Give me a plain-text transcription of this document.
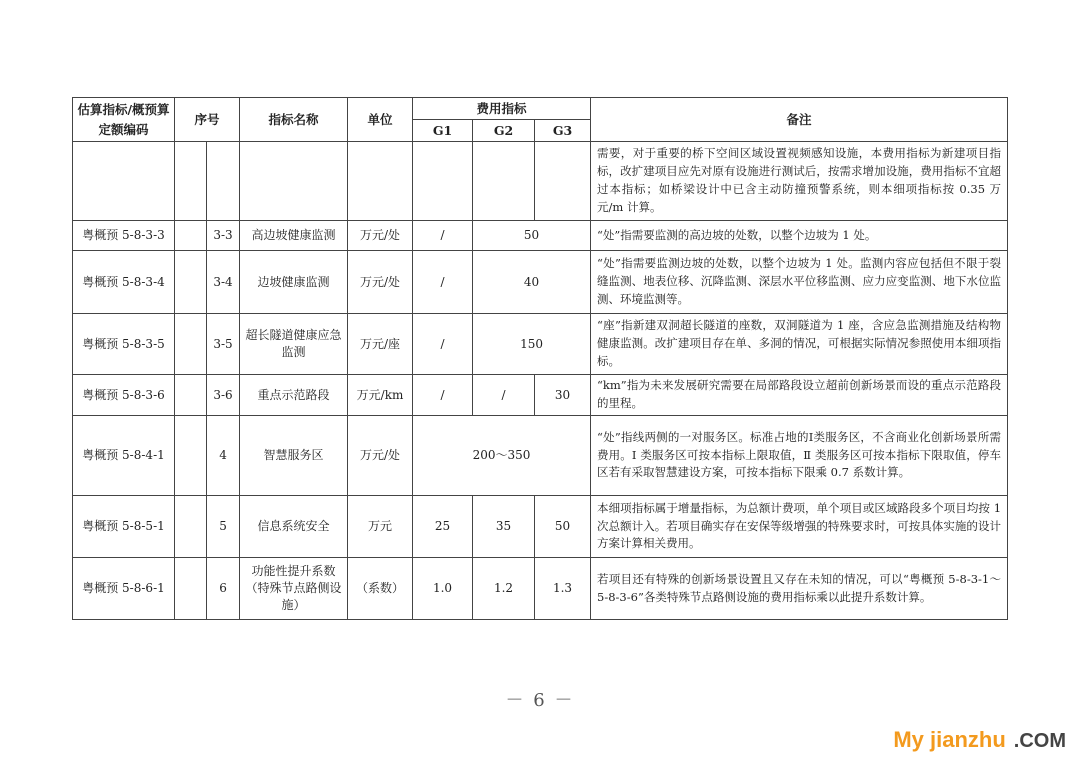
估算指标/概预算定额编码	序号		指标名称	单位	费用指标			备注
					G1	G2	G3	
								需要，对于重要的桥下空间区域设置视频感知设施，本费用指标为新建项目指标，改扩建项目应先对原有设施进行测试后，按需求增加设施，费用指标不宜超过本指标；如桥梁设计中已含主动防撞预警系统，则本细项指标按 0.35 万元/m 计算。
粤概预 5-8-3-3		3-3	高边坡健康监测	万元/处	/	50		“处”指需要监测的高边坡的处数，以整个边坡为 1 处。
粤概预 5-8-3-4		3-4	边坡健康监测	万元/处	/	40		“处”指需要监测边坡的处数，以整个边坡为 1 处。监测内容应包括但不限于裂缝监测、地表位移、沉降监测、深层水平位移监测、应力应变监测、地下水位监测、环境监测等。
粤概预 5-8-3-5		3-5	超长隧道健康应急监测	万元/座	/	150		“座”指新建双洞超长隧道的座数，双洞隧道为 1 座，含应急监测措施及结构物健康监测。改扩建项目存在单、多洞的情况，可根据实际情况参照使用本细项指标。
粤概预 5-8-3-6		3-6	重点示范路段	万元/km	/	/	30	“km”指为未来发展研究需要在局部路段设立超前创新场景而设的重点示范路段的里程。
粤概预 5-8-4-1		4	智慧服务区	万元/处	200～350			“处”指线两侧的一对服务区。标准占地的Ⅰ类服务区，不含商业化创新场景所需费用。Ⅰ 类服务区可按本指标上限取值，Ⅱ 类服务区可按本指标下限取值，停车区若有采取智慧建设方案，可按本指标下限乘 0.7 系数计算。
粤概预 5-8-5-1		5	信息系统安全	万元	25	35	50	本细项指标属于增量指标，为总额计费项，单个项目或区域路段多个项目均按 1 次总额计入。若项目确实存在安保等级增强的特殊要求时，可按具体实施的设计方案计算相关费用。
粤概预 5-8-6-1		6	功能性提升系数（特殊节点路侧设施）	（系数）	1.0	1.2	1.3	若项目还有特殊的创新场景设置且又存在未知的情况，可以“粤概预 5-8-3-1～5-8-3-6”各类特殊节点路侧设施的费用指标乘以此提升系数计算。
－ 6 －
My jianzhu .COM
